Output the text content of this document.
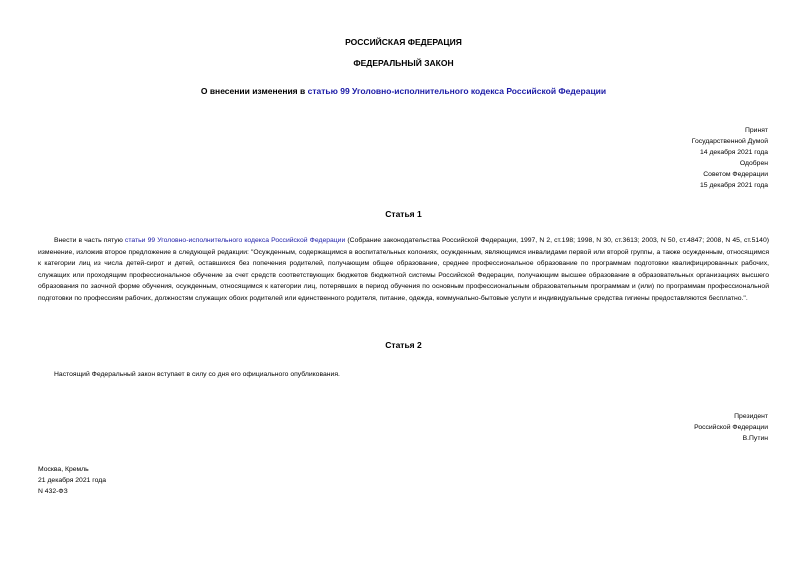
РОССИЙСКАЯ ФЕДЕРАЦИЯ
ФЕДЕРАЛЬНЫЙ ЗАКОН
О внесении изменения в статью 99 Уголовно-исполнительного кодекса Российской Федерации
Принят
Государственной Думой
14 декабря 2021 года
Одобрен
Советом Федерации
15 декабря 2021 года
Статья 1
Внести в часть пятую статьи 99 Уголовно-исполнительного кодекса Российской Федерации (Собрание законодательства Российской Федерации, 1997, N 2, ст.198; 1998, N 30, ст.3613; 2003, N 50, ст.4847; 2008, N 45, ст.5140) изменение, изложив второе предложение в следующей редакции: "Осужденным, содержащимся в воспитательных колониях, осужденным, являющимся инвалидами первой или второй группы, а также осужденным, относящимся к категории лиц из числа детей-сирот и детей, оставшихся без попечения родителей, получающим общее образование, среднее профессиональное образование по программам подготовки квалифицированных рабочих, служащих или проходящим профессиональное обучение за счет средств соответствующих бюджетов бюджетной системы Российской Федерации, получающим высшее образование в образовательных организациях высшего образования по заочной форме обучения, осужденным, относящимся к категории лиц, потерявших в период обучения по основным профессиональным образовательным программам и (или) по программам профессиональной подготовки по профессиям рабочих, должностям служащих обоих родителей или единственного родителя, питание, одежда, коммунально-бытовые услуги и индивидуальные средства гигиены предоставляются бесплатно.".
Статья 2
Настоящий Федеральный закон вступает в силу со дня его официального опубликования.
Президент
Российской Федерации
В.Путин
Москва, Кремль
21 декабря 2021 года
N 432-ФЗ
